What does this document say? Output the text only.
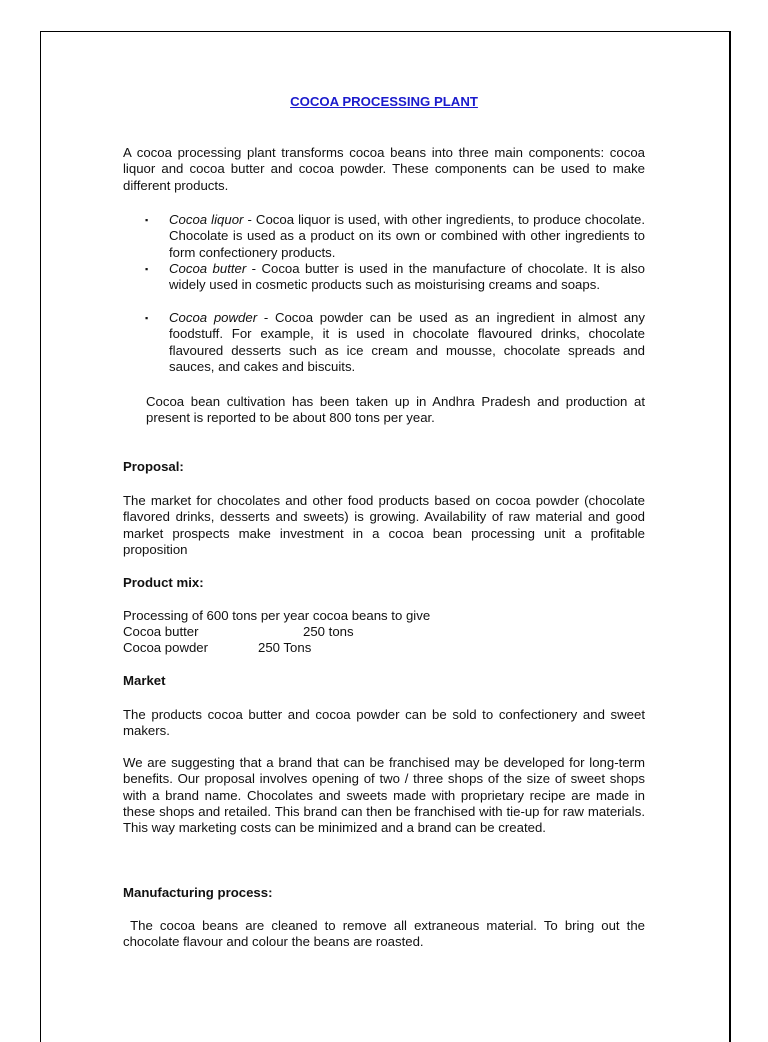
COCOA PROCESSING PLANT

A cocoa processing plant transforms cocoa beans into three main components: cocoa liquor and cocoa butter and cocoa powder. These components can be used to make different products.

▪ Cocoa liquor - Cocoa liquor is used, with other ingredients, to produce chocolate. Chocolate is used as a product on its own or combined with other ingredients to form confectionery products.
▪ Cocoa butter - Cocoa butter is used in the manufacture of chocolate. It is also widely used in cosmetic products such as moisturising creams and soaps.
▪ Cocoa powder - Cocoa powder can be used as an ingredient in almost any foodstuff. For example, it is used in chocolate flavoured drinks, chocolate flavoured desserts such as ice cream and mousse, chocolate spreads and sauces, and cakes and biscuits.

Cocoa bean cultivation has been taken up in Andhra Pradesh and production at present is reported to be about 800 tons per year.

Proposal:

The market for chocolates and other food products based on cocoa powder (chocolate flavored drinks, desserts and sweets) is growing. Availability of raw material and good market prospects make investment in a cocoa bean processing unit a profitable proposition

Product mix:

Processing of 600 tons per year cocoa beans to give
Cocoa butter	250 tons
Cocoa powder	250 Tons

Market

The products cocoa butter and cocoa powder can be sold to confectionery and sweet makers.

We are suggesting that a brand that can be franchised may be developed for long-term benefits. Our proposal involves opening of two / three shops of the size of sweet shops with a brand name. Chocolates and sweets made with proprietary recipe are made in these shops and retailed. This brand can then be franchised with tie-up for raw materials. This way marketing costs can be minimized and a brand can be created.

Manufacturing process:

The cocoa beans are cleaned to remove all extraneous material. To bring out the chocolate flavour and colour the beans are roasted.
